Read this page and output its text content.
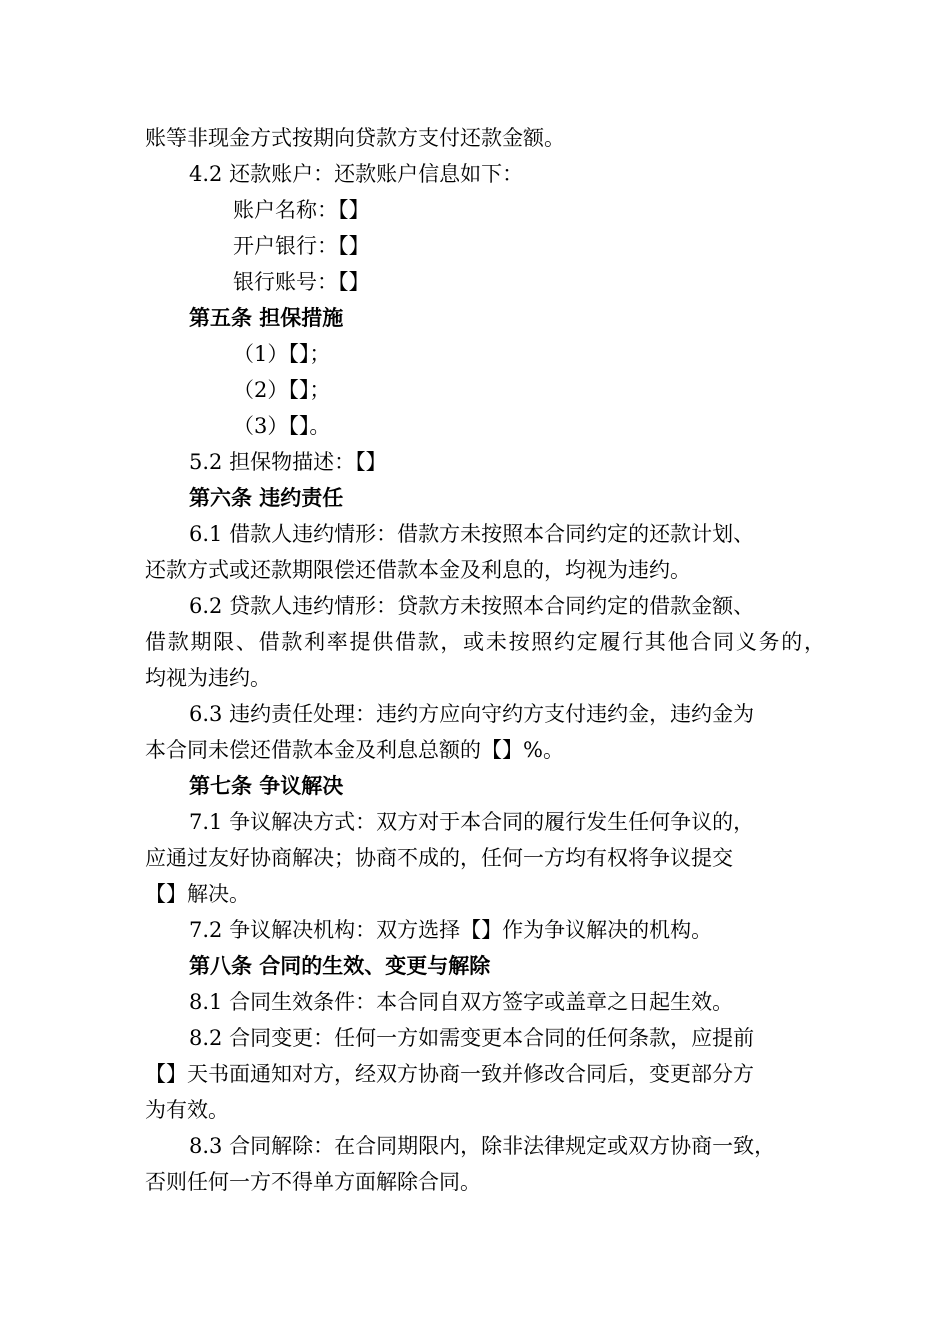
账等非现金方式按期向贷款方支付还款金额。
4.2 还款账户：还款账户信息如下：
账户名称：【】
开户银行：【】
银行账号：【】
第五条 担保措施
（1）【】；
（2）【】；
（3）【】。
5.2 担保物描述：【】
第六条 违约责任
6.1 借款人违约情形：借款方未按照本合同约定的还款计划、
还款方式或还款期限偿还借款本金及利息的，均视为违约。
6.2 贷款人违约情形：贷款方未按照本合同约定的借款金额、
借款期限、借款利率提供借款，或未按照约定履行其他合同义务的，
均视为违约。
6.3 违约责任处理：违约方应向守约方支付违约金，违约金为
本合同未偿还借款本金及利息总额的【】%。
第七条 争议解决
7.1 争议解决方式：双方对于本合同的履行发生任何争议的，
应通过友好协商解决；协商不成的，任何一方均有权将争议提交
【】解决。
7.2 争议解决机构：双方选择【】作为争议解决的机构。
第八条 合同的生效、变更与解除
8.1 合同生效条件：本合同自双方签字或盖章之日起生效。
8.2 合同变更：任何一方如需变更本合同的任何条款，应提前
【】天书面通知对方，经双方协商一致并修改合同后，变更部分方
为有效。
8.3 合同解除：在合同期限内，除非法律规定或双方协商一致，
否则任何一方不得单方面解除合同。
